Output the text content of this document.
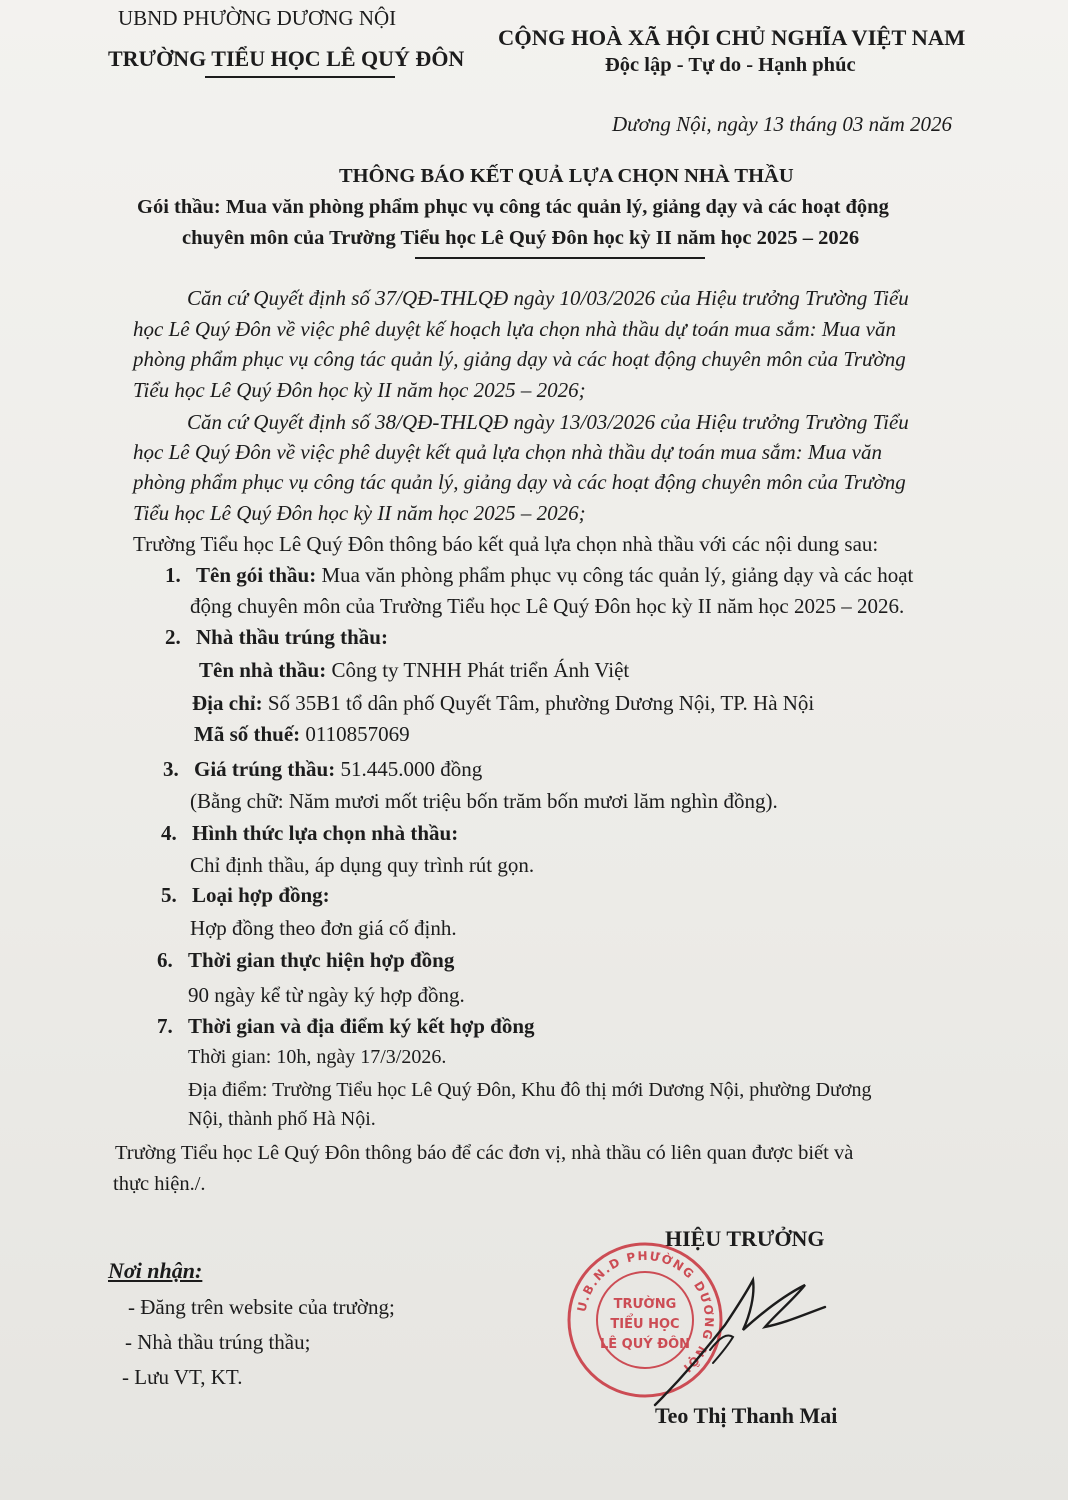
UBND PHƯỜNG DƯƠNG NỘI
TRƯỜNG TIỂU HỌC LÊ QUÝ ĐÔN
CỘNG HOÀ XÃ HỘI CHỦ NGHĨA VIỆT NAM
Độc lập - Tự do - Hạnh phúc
Dương Nội, ngày 13 tháng 03 năm 2026
THÔNG BÁO KẾT QUẢ LỰA CHỌN NHÀ THẦU
Gói thầu: Mua văn phòng phẩm phục vụ công tác quản lý, giảng dạy và các hoạt động
chuyên môn của Trường Tiểu học Lê Quý Đôn học kỳ II năm học 2025 – 2026
Căn cứ Quyết định số 37/QĐ-THLQĐ ngày 10/03/2026 của Hiệu trưởng Trường Tiểu
học Lê Quý Đôn về việc phê duyệt kế hoạch lựa chọn nhà thầu dự toán mua sắm: Mua văn
phòng phẩm phục vụ công tác quản lý, giảng dạy và các hoạt động chuyên môn của Trường
Tiểu học Lê Quý Đôn học kỳ II năm học 2025 – 2026;
Căn cứ Quyết định số 38/QĐ-THLQĐ ngày 13/03/2026 của Hiệu trưởng Trường Tiểu
học Lê Quý Đôn về việc phê duyệt kết quả lựa chọn nhà thầu dự toán mua sắm: Mua văn
phòng phẩm phục vụ công tác quản lý, giảng dạy và các hoạt động chuyên môn của Trường
Tiểu học Lê Quý Đôn học kỳ II năm học 2025 – 2026;
Trường Tiểu học Lê Quý Đôn thông báo kết quả lựa chọn nhà thầu với các nội dung sau:
1. Tên gói thầu: Mua văn phòng phẩm phục vụ công tác quản lý, giảng dạy và các hoạt
động chuyên môn của Trường Tiểu học Lê Quý Đôn học kỳ II năm học 2025 – 2026.
2. Nhà thầu trúng thầu:
Tên nhà thầu: Công ty TNHH Phát triển Ánh Việt
Địa chỉ: Số 35B1 tổ dân phố Quyết Tâm, phường Dương Nội, TP. Hà Nội
Mã số thuế: 0110857069
3. Giá trúng thầu: 51.445.000 đồng
(Bằng chữ: Năm mươi mốt triệu bốn trăm bốn mươi lăm nghìn đồng).
4. Hình thức lựa chọn nhà thầu:
Chỉ định thầu, áp dụng quy trình rút gọn.
5. Loại hợp đồng:
Hợp đồng theo đơn giá cố định.
6. Thời gian thực hiện hợp đồng
90 ngày kể từ ngày ký hợp đồng.
7. Thời gian và địa điểm ký kết hợp đồng
Thời gian: 10h, ngày 17/3/2026.
Địa điểm: Trường Tiểu học Lê Quý Đôn, Khu đô thị mới Dương Nội, phường Dương
Nội, thành phố Hà Nội.
Trường Tiểu học Lê Quý Đôn thông báo để các đơn vị, nhà thầu có liên quan được biết và
thực hiện./.
Nơi nhận:
- Đăng trên website của trường;
- Nhà thầu trúng thầu;
- Lưu VT, KT.
HIỆU TRƯỞNG
U.B.N.D PHƯỜNG DƯƠNG NỘI
TRƯỜNG
TIỂU HỌC
LÊ QUÝ ĐÔN
Teo Thị Thanh Mai
